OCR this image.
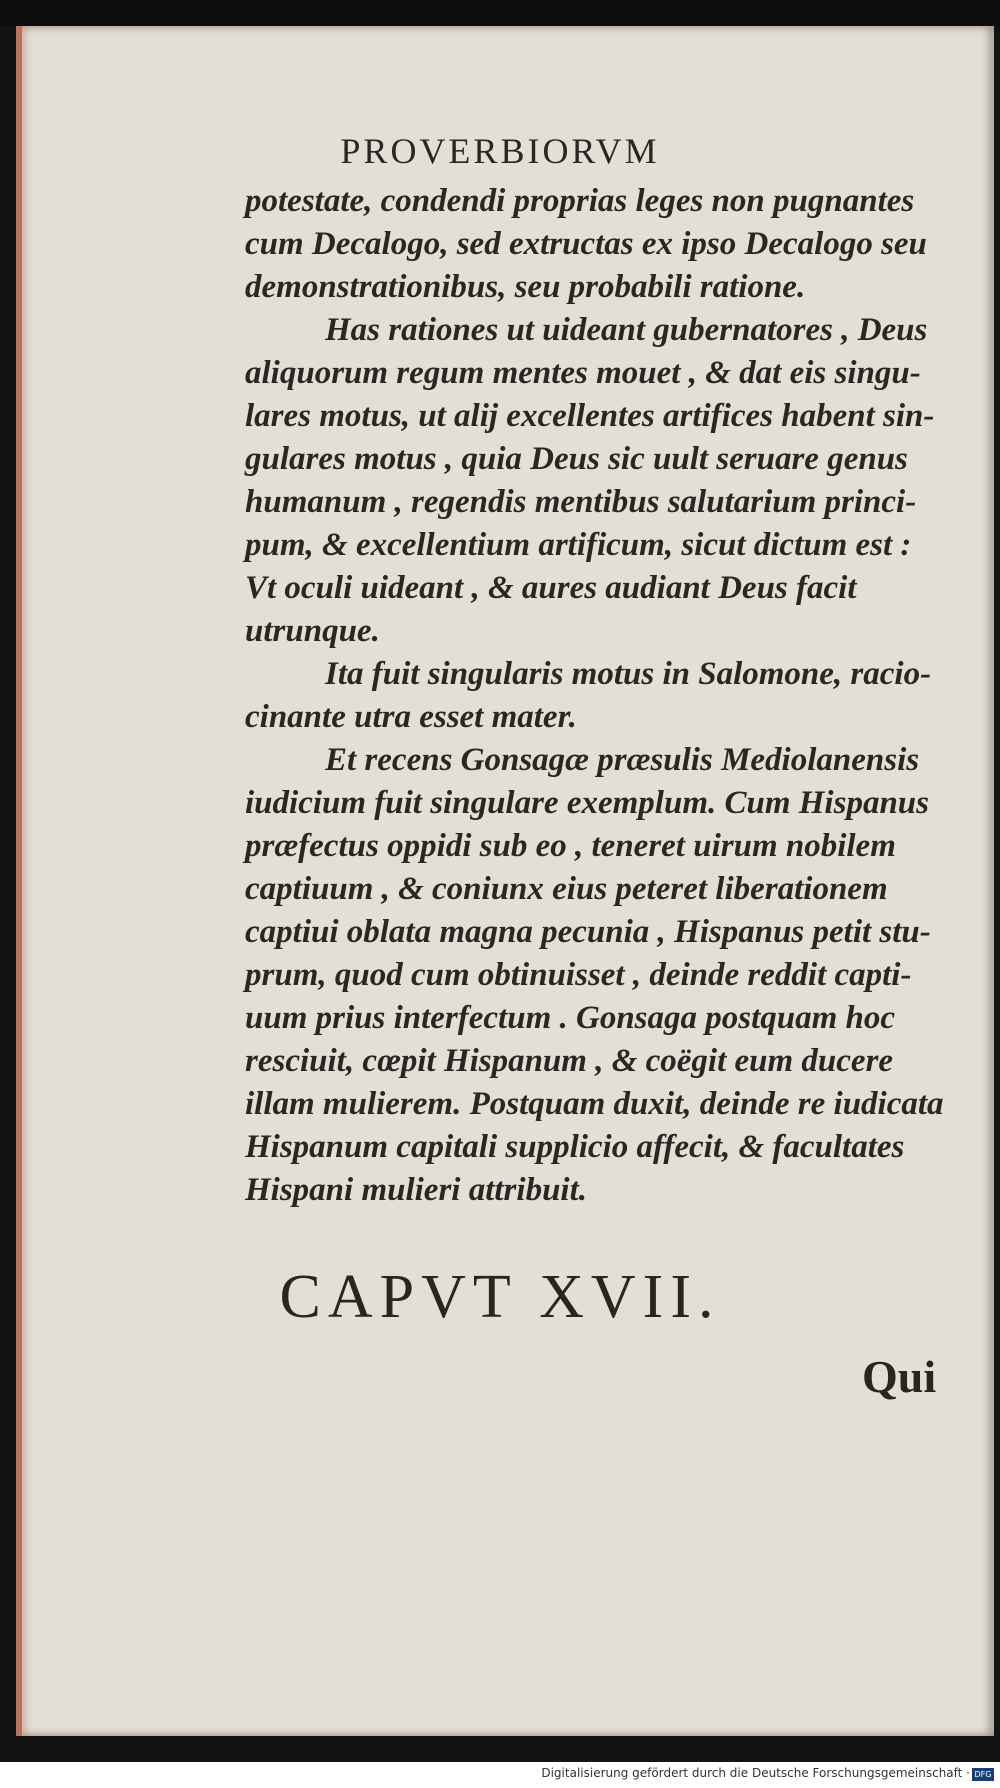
PROVERBIORVM
potestate, condendi proprias leges non pugnantes
cum Decalogo, sed extructas ex ipso Decalogo seu
demonstrationibus, seu probabili ratione.
Has rationes ut uideant gubernatores , Deus
aliquorum regum mentes mouet , & dat eis singu-
lares motus, ut alij excellentes artifices habent sin-
gulares motus , quia Deus sic uult seruare genus
humanum , regendis mentibus salutarium princi-
pum, & excellentium artificum, sicut dictum est :
Vt oculi uideant , & aures audiant Deus facit
utrunque.
Ita fuit singularis motus in Salomone, racio-
cinante utra esset mater.
Et recens Gonsagæ præsulis Mediolanensis
iudicium fuit singulare exemplum. Cum Hispanus
præfectus oppidi sub eo , teneret uirum nobilem
captiuum , & coniunx eius peteret liberationem
captiui oblata magna pecunia , Hispanus petit stu-
prum, quod cum obtinuisset , deinde reddit capti-
uum prius interfectum . Gonsaga postquam hoc
resciuit, cœpit Hispanum , & coëgit eum ducere
illam mulierem. Postquam duxit, deinde re iudicata
Hispanum capitali supplicio affecit, & facultates
Hispani mulieri attribuit.
CAPVT XVII.
Qui
Digitalisierung gefördert durch die Deutsche Forschungsgemeinschaft · DFG
